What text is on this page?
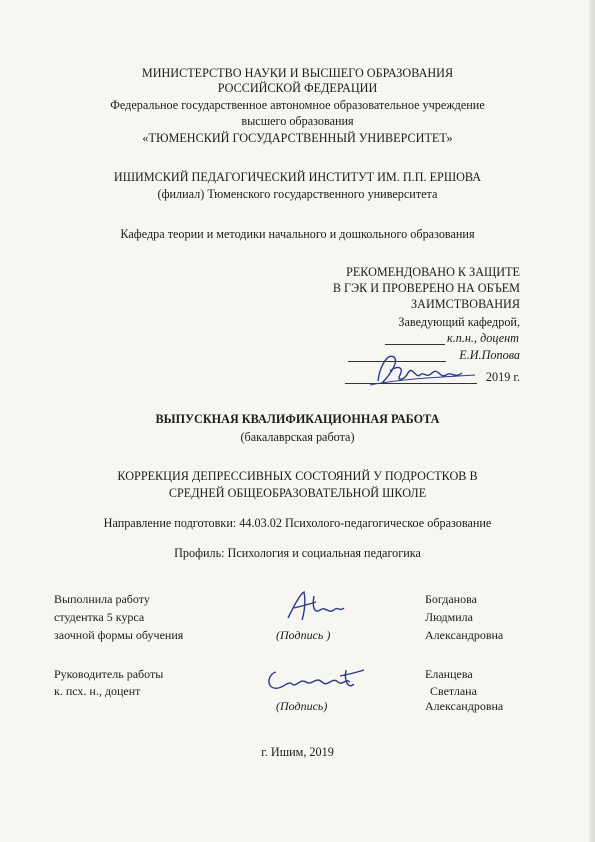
МИНИСТЕРСТВО НАУКИ И ВЫСШЕГО ОБРАЗОВАНИЯ
РОССИЙСКОЙ ФЕДЕРАЦИИ
Федеральное государственное автономное образовательное учреждение
высшего образования
«ТЮМЕНСКИЙ ГОСУДАРСТВЕННЫЙ УНИВЕРСИТЕТ»
ИШИМСКИЙ ПЕДАГОГИЧЕСКИЙ ИНСТИТУТ ИМ. П.П. ЕРШОВА
(филиал) Тюменского государственного университета
Кафедра теории и методики начального и дошкольного образования
РЕКОМЕНДОВАНО К ЗАЩИТЕ
В ГЭК И ПРОВЕРЕНО НА ОБЪЕМ
ЗАИМСТВОВАНИЯ
Заведующий кафедрой,
к.п.н., доцент
Е.И.Попова
2019 г.
ВЫПУСКНАЯ КВАЛИФИКАЦИОННАЯ РАБОТА
(бакалаврская работа)
КОРРЕКЦИЯ ДЕПРЕССИВНЫХ СОСТОЯНИЙ У ПОДРОСТКОВ В
СРЕДНЕЙ ОБЩЕОБРАЗОВАТЕЛЬНОЙ ШКОЛЕ
Направление подготовки: 44.03.02 Психолого-педагогическое образование
Профиль: Психология и социальная педагогика
Выполнила работу
студентка 5 курса
заочной формы обучения	(Подпись )
Богданова
Людмила
Александровна
Руководитель работы
к. псх. н., доцент
(Подпись)
Еланцева
Светлана
Александровна
г. Ишим, 2019
